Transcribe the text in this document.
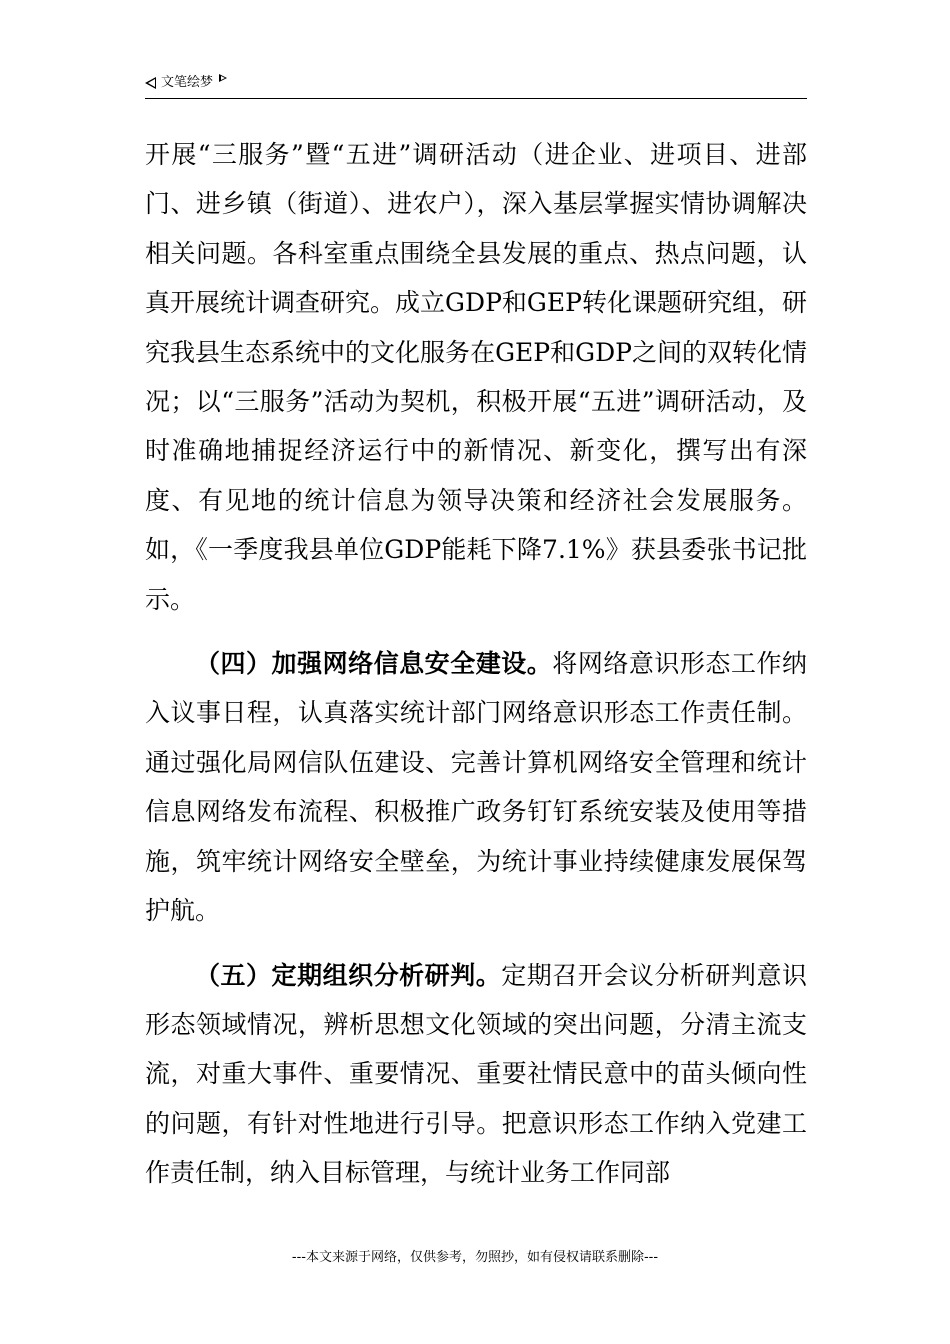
文笔绘梦

开展“三服务”暨“五进”调研活动（进企业、进项目、进部门、进乡镇（街道）、进农户），深入基层掌握实情协调解决相关问题。各科室重点围绕全县发展的重点、热点问题，认真开展统计调查研究。成立GDP和GEP转化课题研究组，研究我县生态系统中的文化服务在GEP和GDP之间的双转化情况；以“三服务”活动为契机，积极开展“五进”调研活动，及时准确地捕捉经济运行中的新情况、新变化，撰写出有深度、有见地的统计信息为领导决策和经济社会发展服务。如，《一季度我县单位GDP能耗下降7.1%》获县委张书记批示。

（四）加强网络信息安全建设。将网络意识形态工作纳入议事日程，认真落实统计部门网络意识形态工作责任制。通过强化局网信队伍建设、完善计算机网络安全管理和统计信息网络发布流程、积极推广政务钉钉系统安装及使用等措施，筑牢统计网络安全壁垒，为统计事业持续健康发展保驾护航。

（五）定期组织分析研判。定期召开会议分析研判意识形态领域情况，辨析思想文化领域的突出问题，分清主流支流，对重大事件、重要情况、重要社情民意中的苗头倾向性的问题，有针对性地进行引导。把意识形态工作纳入党建工作责任制，纳入目标管理，与统计业务工作同部

---本文来源于网络，仅供参考，勿照抄，如有侵权请联系删除---
